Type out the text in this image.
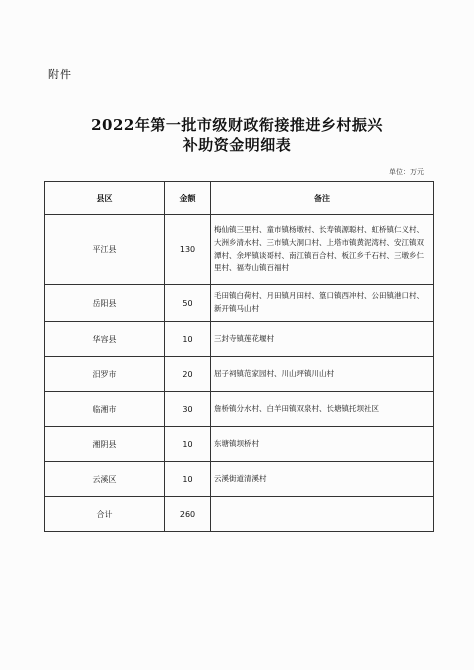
附件
2022年第一批市级财政衔接推进乡村振兴
补助资金明细表
单位：万元
县区	金额	备注
平江县	130	梅仙镇三里村、童市镇杨墩村、长寿镇源聪村、虹桥镇仁义村、大洲乡清水村、三市镇大洞口村、上塔市镇黄泥湾村、安江镇双潭村、余坪镇谈哥村、南江镇百合村、板江乡千石村、三墩乡仁里村、福寿山镇百福村
岳阳县	50	毛田镇白荷村、月田镇月田村、篁口镇西冲村、公田镇港口村、新开镇马山村
华容县	10	三封寺镇莲花堰村
汨罗市	20	屈子祠镇范家园村、川山坪镇川山村
临湘市	30	詹桥镇分水村、白羊田镇双泉村、长塘镇托坝社区
湘阴县	10	东塘镇坝桥村
云溪区	10	云溪街道清溪村
合计	260	
